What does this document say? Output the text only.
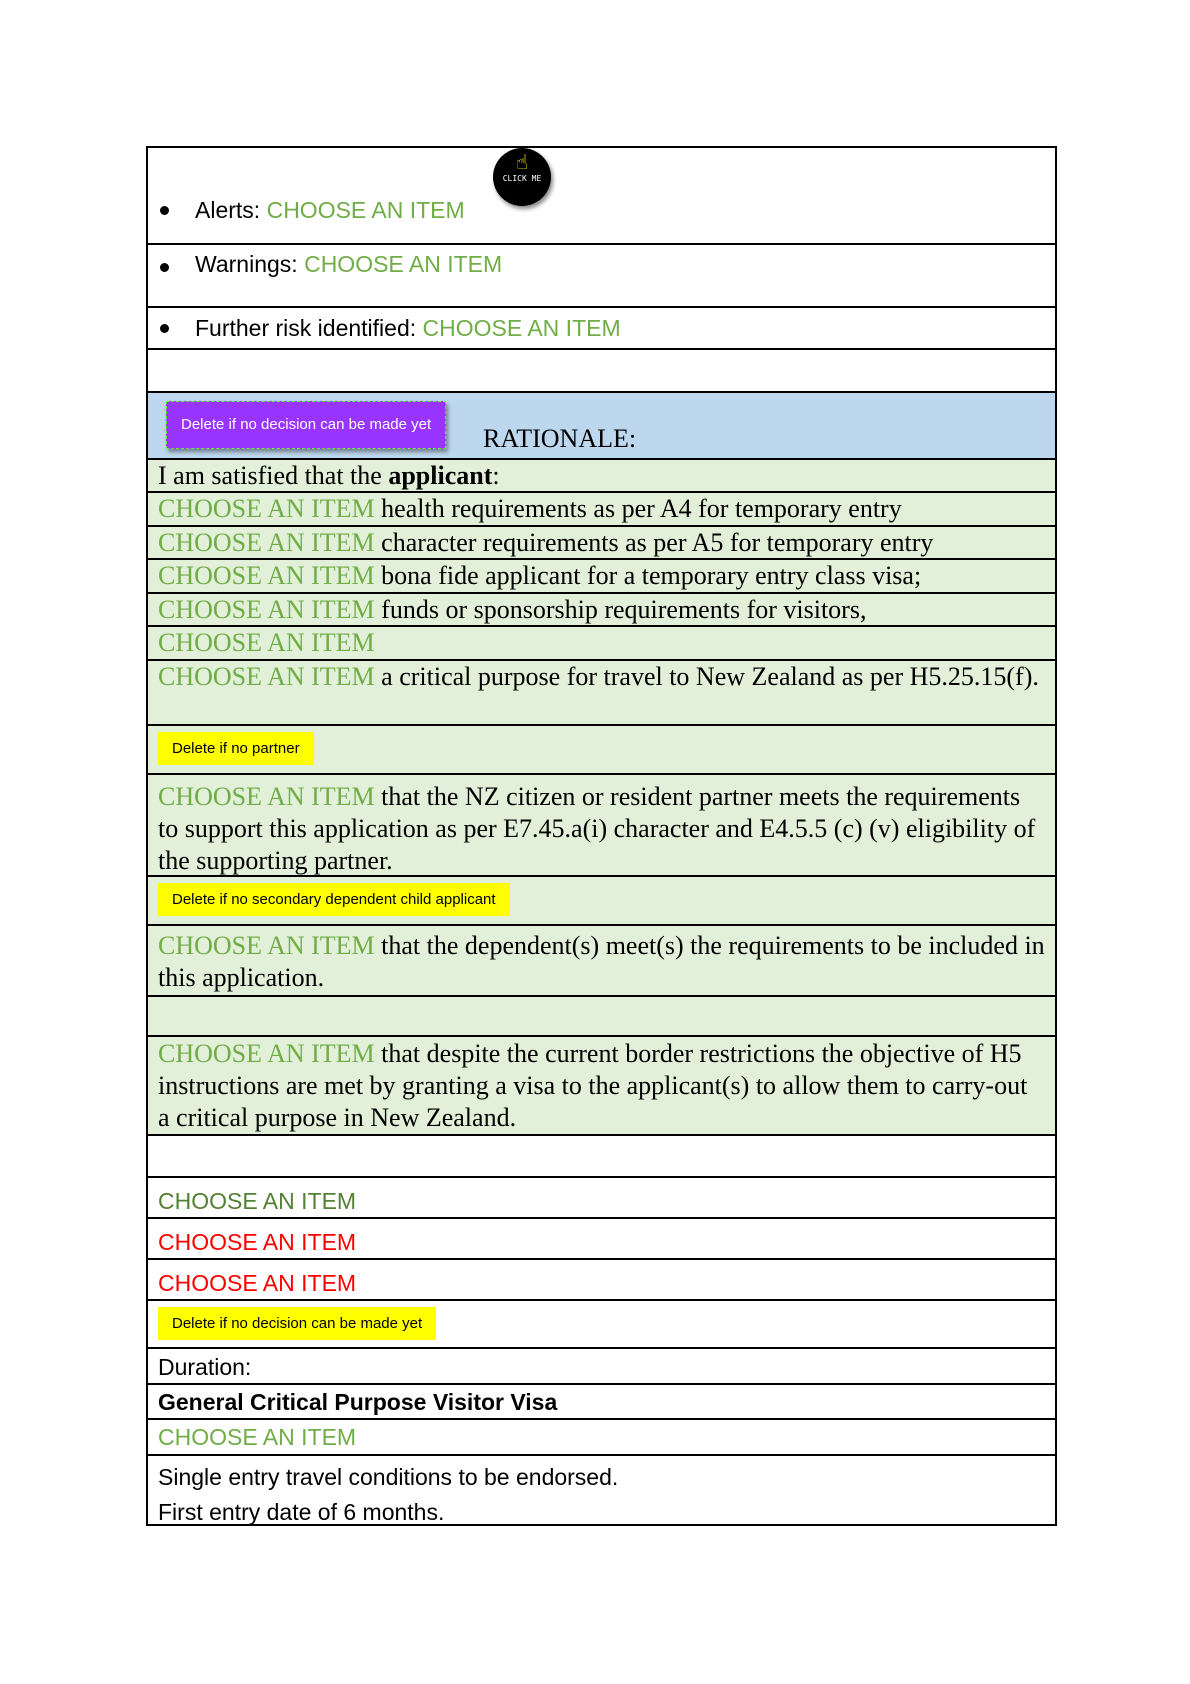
Alerts:
CHOOSE AN ITEM
☝
CLICK ME
Warnings:
CHOOSE AN ITEM
Further risk identified:
CHOOSE AN ITEM
Delete if no decision can be made yet	RATIONALE:
I am satisfied that the applicant:
CHOOSE AN ITEM health requirements as per A4 for temporary entry
CHOOSE AN ITEM character requirements as per A5 for temporary entry
CHOOSE AN ITEM bona fide applicant for a temporary entry class visa;
CHOOSE AN ITEM funds or sponsorship requirements for visitors,
CHOOSE AN ITEM
CHOOSE AN ITEM a critical purpose for travel to New Zealand as per H5.25.15(f).
Delete if no partner
CHOOSE AN ITEM that the NZ citizen or resident partner meets the requirements to support this application as per E7.45.a(i) character and E4.5.5 (c) (v) eligibility of the supporting partner.
Delete if no secondary dependent child applicant
CHOOSE AN ITEM that the dependent(s) meet(s) the requirements to be included in this application.
CHOOSE AN ITEM that despite the current border restrictions the objective of H5 instructions are met by granting a visa to the applicant(s) to allow them to carry-out a critical purpose in New Zealand.
CHOOSE AN ITEM
CHOOSE AN ITEM
CHOOSE AN ITEM
Delete if no decision can be made yet
Duration:
General Critical Purpose Visitor Visa
CHOOSE AN ITEM
Single entry travel conditions to be endorsed.
First entry date of 6 months.
